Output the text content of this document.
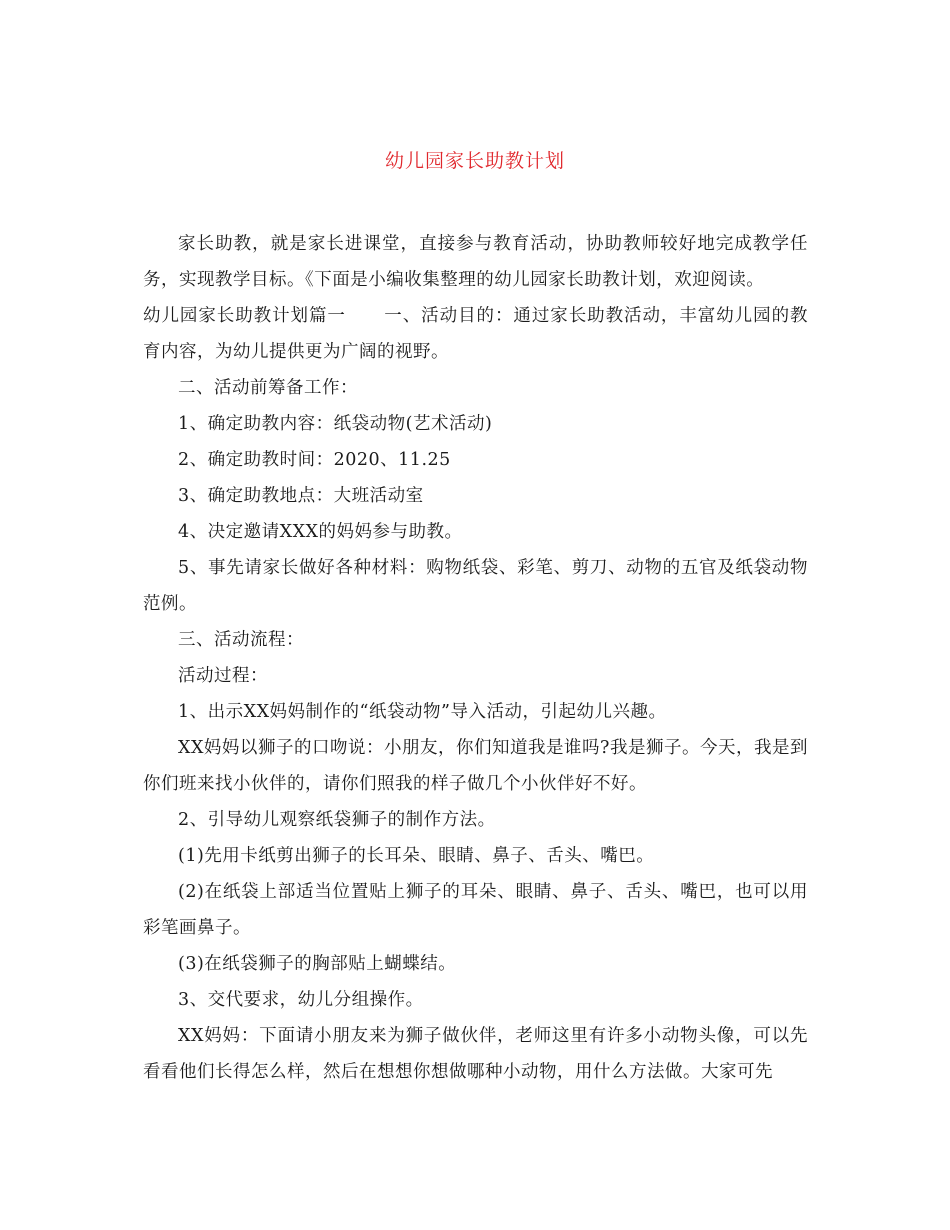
幼儿园家长助教计划

家长助教，就是家长进课堂，直接参与教育活动，协助教师较好地完成教学任务，实现教学目标。《下面是小编收集整理的幼儿园家长助教计划，欢迎阅读。

幼儿园家长助教计划篇一 一、活动目的：通过家长助教活动，丰富幼儿园的教育内容，为幼儿提供更为广阔的视野。

二、活动前筹备工作：

1、确定助教内容：纸袋动物(艺术活动)

2、确定助教时间：2020、11.25

3、确定助教地点：大班活动室

4、决定邀请XXX的妈妈参与助教。

5、事先请家长做好各种材料：购物纸袋、彩笔、剪刀、动物的五官及纸袋动物范例。

三、活动流程：

活动过程：

1、出示XX妈妈制作的“纸袋动物”导入活动，引起幼儿兴趣。

XX妈妈以狮子的口吻说：小朋友，你们知道我是谁吗?我是狮子。今天，我是到你们班来找小伙伴的，请你们照我的样子做几个小伙伴好不好。

2、引导幼儿观察纸袋狮子的制作方法。

(1)先用卡纸剪出狮子的长耳朵、眼睛、鼻子、舌头、嘴巴。

(2)在纸袋上部适当位置贴上狮子的耳朵、眼睛、鼻子、舌头、嘴巴，也可以用彩笔画鼻子。

(3)在纸袋狮子的胸部贴上蝴蝶结。

3、交代要求，幼儿分组操作。

XX妈妈：下面请小朋友来为狮子做伙伴，老师这里有许多小动物头像，可以先看看他们长得怎么样，然后在想想你想做哪种小动物，用什么方法做。大家可先
